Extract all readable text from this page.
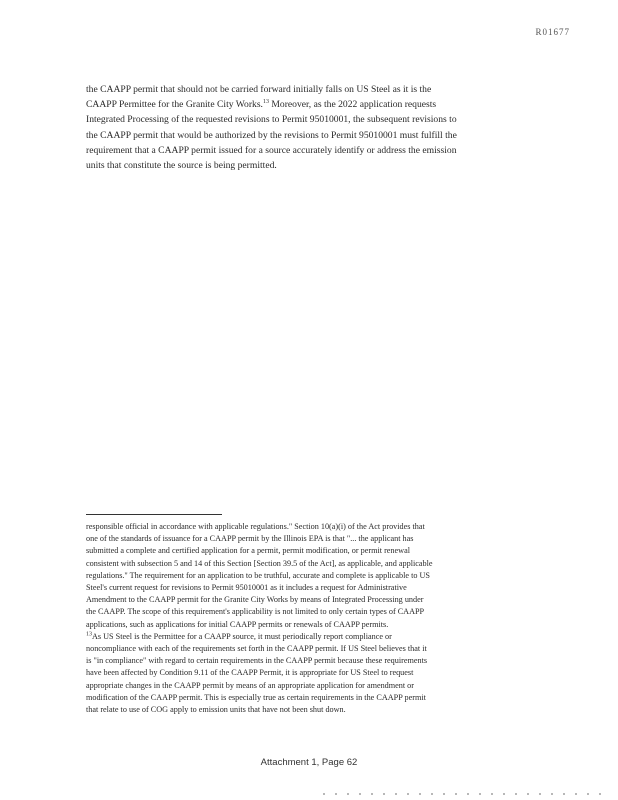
R01677
the CAAPP permit that should not be carried forward initially falls on US Steel as it is the
CAAPP Permittee for the Granite City Works.$^{13}$ Moreover, as the 2022 application requests
Integrated Processing of the requested revisions to Permit 95010001, the subsequent revisions to
the CAAPP permit that would be authorized by the revisions to Permit 95010001 must fulfill the
requirement that a CAAPP permit issued for a source accurately identify or address the emission
units that constitute the source is being permitted.
responsible official in accordance with applicable regulations." Section 10(a)(i) of the Act provides that
one of the standards of issuance for a CAAPP permit by the Illinois EPA is that "... the applicant has
submitted a complete and certified application for a permit, permit modification, or permit renewal
consistent with subsection 5 and 14 of this Section [Section 39.5 of the Act], as applicable, and applicable
regulations." The requirement for an application to be truthful, accurate and complete is applicable to US
Steel's current request for revisions to Permit 95010001 as it includes a request for Administrative
Amendment to the CAAPP permit for the Granite City Works by means of Integrated Processing under
the CAAPP. The scope of this requirement's applicability is not limited to only certain types of CAAPP
applications, such as applications for initial CAAPP permits or renewals of CAAPP permits.
$^{13}$As US Steel is the Permittee for a CAAPP source, it must periodically report compliance or
noncompliance with each of the requirements set forth in the CAAPP permit. If US Steel believes that it
is "in compliance" with regard to certain requirements in the CAAPP permit because these requirements
have been affected by Condition 9.11 of the CAAPP Permit, it is appropriate for US Steel to request
appropriate changes in the CAAPP permit by means of an appropriate application for amendment or
modification of the CAAPP permit. This is especially true as certain requirements in the CAAPP permit
that relate to use of COG apply to emission units that have not been shut down.
Attachment 1, Page 62
